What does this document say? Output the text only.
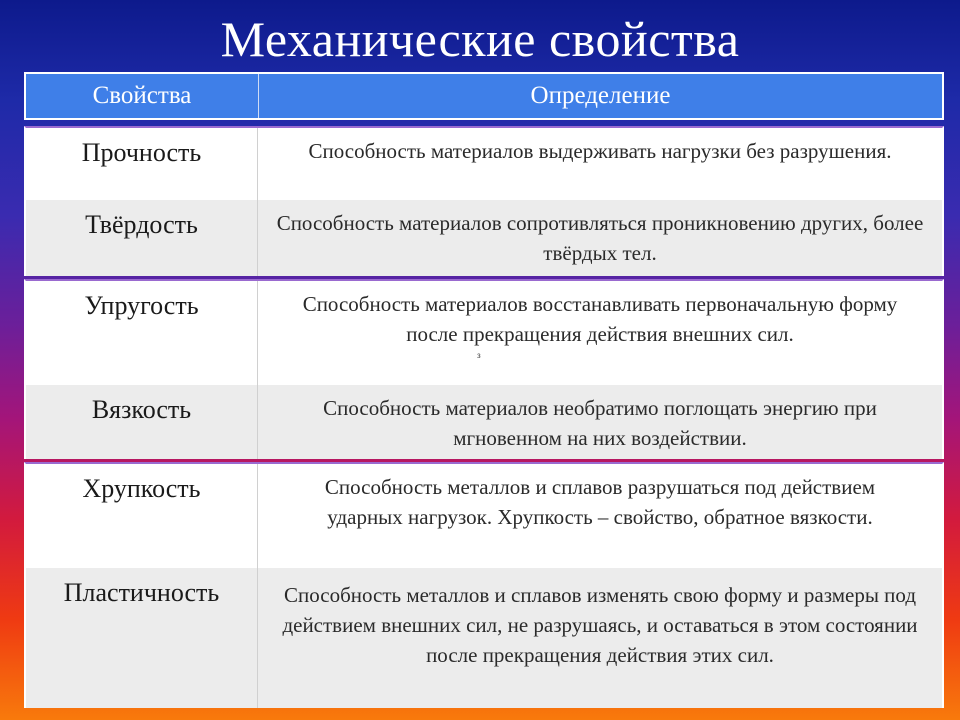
Механические свойства
Свойства	Определение
Прочность	Способность материалов выдерживать нагрузки без разрушения.
Твёрдость	Способность материалов сопротивляться проникновению других, более твёрдых тел.
Упругость	Способность материалов восстанавливать первоначальную форму после прекращения действия внешних сил.
Вязкость	Способность материалов необратимо поглощать энергию при мгновенном на них воздействии.
Хрупкость	Способность металлов и сплавов разрушаться под действием ударных нагрузок. Хрупкость – свойство, обратное вязкости.
Пластичность	Способность металлов и сплавов изменять свою форму и размеры под действием внешних сил, не разрушаясь, и оставаться в этом состоянии после прекращения действия этих сил.
з
